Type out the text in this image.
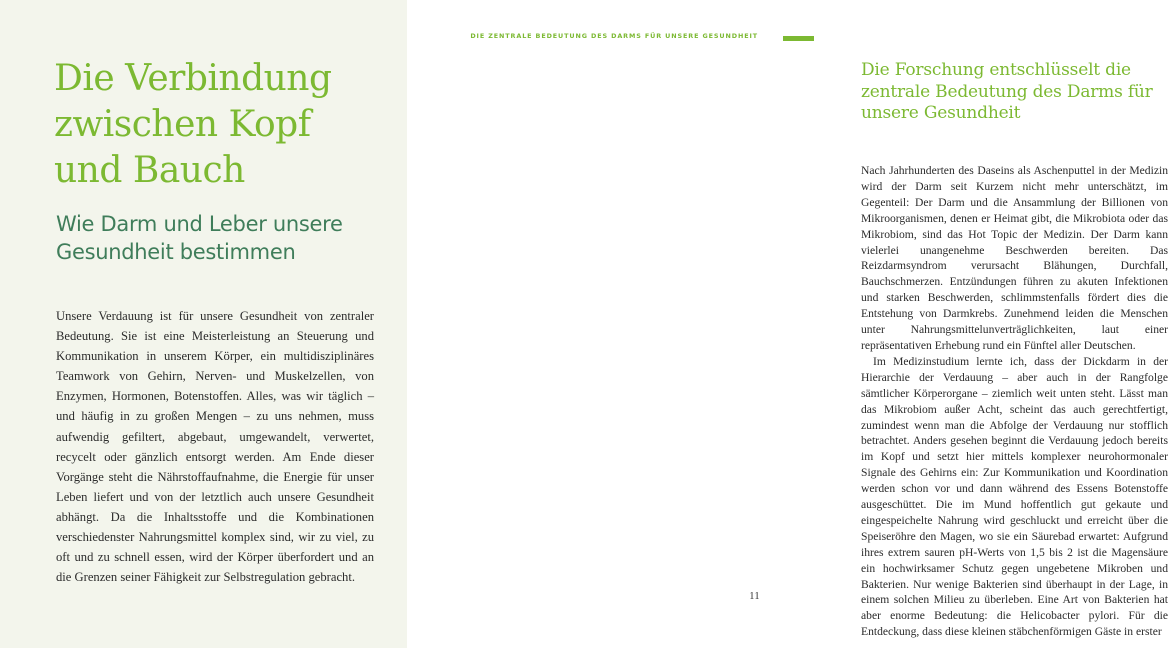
Die Verbindung zwischen Kopf und Bauch
Wie Darm und Leber unsere Gesundheit bestimmen

Unsere Verdauung ist für unsere Gesundheit von zentraler Bedeutung. Sie ist eine Meisterleistung an Steuerung und Kommunikation in unserem Körper, ein multidisziplinäres Teamwork von Gehirn, Nerven- und Muskelzellen, von Enzymen, Hormonen, Botenstoffen. Alles, was wir täglich – und häufig in zu großen Mengen – zu uns nehmen, muss aufwendig gefiltert, abgebaut, umgewandelt, verwertet, recycelt oder gänzlich entsorgt werden. Am Ende dieser Vorgänge steht die Nährstoffaufnahme, die Energie für unser Leben liefert und von der letztlich auch unsere Gesundheit abhängt. Da die Inhaltsstoffe und die Kombinationen verschiedenster Nahrungsmittel komplex sind, wir zu viel, zu oft und zu schnell essen, wird der Körper überfordert und an die Grenzen seiner Fähigkeit zur Selbstregulation gebracht.

DIE ZENTRALE BEDEUTUNG DES DARMS FÜR UNSERE GESUNDHEIT
Die Forschung entschlüsselt die zentrale Bedeutung des Darms für unsere Gesundheit

Nach Jahrhunderten des Daseins als Aschenputtel in der Medizin wird der Darm seit Kurzem nicht mehr unterschätzt, im Gegenteil: Der Darm und die Ansammlung der Billionen von Mikroorganismen, denen er Heimat gibt, die Mikrobiota oder das Mikrobiom, sind das Hot Topic der Medizin. Der Darm kann vielerlei unangenehme Beschwerden bereiten. Das Reizdarmsyndrom verursacht Blähungen, Durchfall, Bauchschmerzen. Entzündungen führen zu akuten Infektionen und starken Beschwerden, schlimmstenfalls fördert dies die Entstehung von Darmkrebs. Zunehmend leiden die Menschen unter Nahrungsmittelunverträglichkeiten, laut einer repräsentativen Erhebung rund ein Fünftel aller Deutschen.

Im Medizinstudium lernte ich, dass der Dickdarm in der Hierarchie der Verdauung – aber auch in der Rangfolge sämtlicher Körperorgane – ziemlich weit unten steht. Lässt man das Mikrobiom außer Acht, scheint das auch gerechtfertigt, zumindest wenn man die Abfolge der Verdauung nur stofflich betrachtet. Anders gesehen beginnt die Verdauung jedoch bereits im Kopf und setzt hier mittels komplexer neurohormonaler Signale des Gehirns ein: Zur Kommunikation und Koordination werden schon vor und dann während des Essens Botenstoffe ausgeschüttet. Die im Mund hoffentlich gut gekaute und eingespeichelte Nahrung wird geschluckt und erreicht über die Speiseröhre den Magen, wo sie ein Säurebad erwartet: Aufgrund ihres extrem sauren pH-Werts von 1,5 bis 2 ist die Magensäure ein hochwirksamer Schutz gegen ungebetene Mikroben und Bakterien. Nur wenige Bakterien sind überhaupt in der Lage, in einem solchen Milieu zu überleben. Eine Art von Bakterien hat aber enorme Bedeutung: die Helicobacter pylori. Für die Entdeckung, dass diese kleinen stäbchenförmigen Gäste in erster

11
